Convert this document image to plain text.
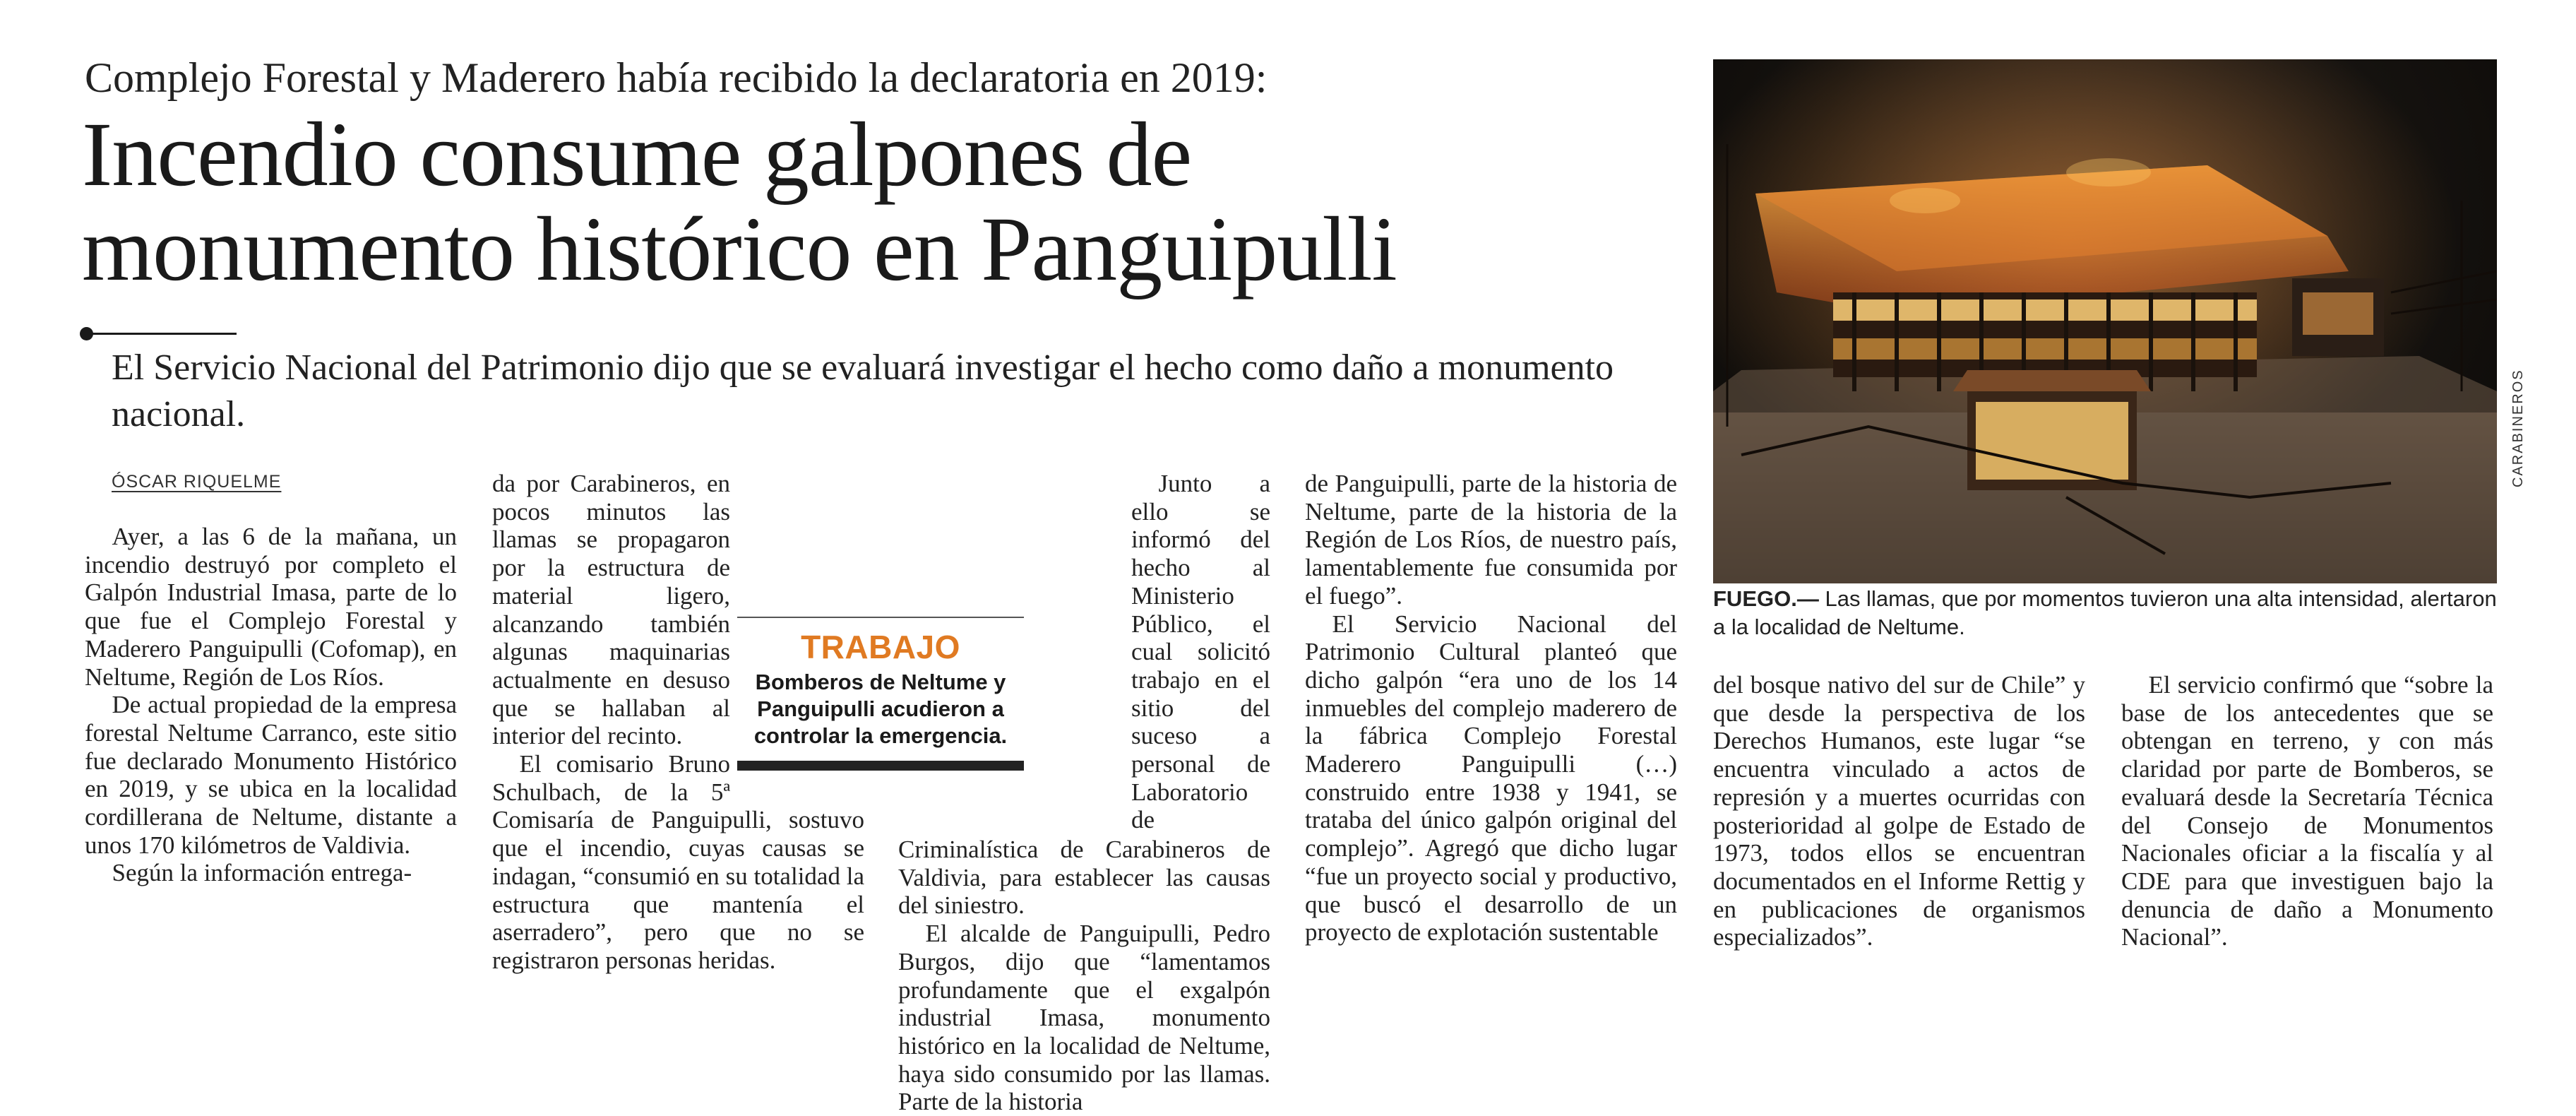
Complejo Forestal y Maderero había recibido la declaratoria en 2019:
Incendio consume galpones de
monumento histórico en Panguipulli
El Servicio Nacional del Patrimonio dijo que se evaluará investigar el hecho como daño a monumento nacional.
ÓSCAR RIQUELME

Ayer, a las 6 de la mañana, un incendio destruyó por completo el Galpón Industrial Imasa, parte de lo que fue el Complejo Forestal y Maderero Panguipulli (Cofomap), en Neltume, Región de Los Ríos.

De actual propiedad de la empresa forestal Neltume Carranco, este sitio fue declarado Monumento Histórico en 2019, y se ubica en la localidad cordillerana de Neltume, distante a unos 170 kilómetros de Valdivia.

Según la información entrega-

da por Carabineros, en pocos minutos las llamas se propagaron por la estructura de material ligero, alcanzando también algunas maquinarias actualmente en desuso que se hallaban al interior del recinto.

El comisario Bruno Schulbach, de la 5ª Comisaría de Panguipulli, sostuvo que el incendio, cuyas causas se indagan, “consumió en su totalidad la estructura que mantenía el aserradero”, pero que no se registraron personas heridas.

Junto a ello se informó del hecho al Ministerio Público, el cual solicitó trabajo en el sitio del suceso a personal de Laboratorio de Criminalística de Carabineros de Valdivia, para establecer las causas del siniestro.

El alcalde de Panguipulli, Pedro Burgos, dijo que “lamentamos profundamente que el exgalpón industrial Imasa, monumento histórico en la localidad de Neltume, haya sido consumido por las llamas. Parte de la historia

de Panguipulli, parte de la historia de Neltume, parte de la historia de la Región de Los Ríos, de nuestro país, lamentablemente fue consumida por el fuego”.

El Servicio Nacional del Patrimonio Cultural planteó que dicho galpón “era uno de los 14 inmuebles del complejo maderero de la fábrica Complejo Forestal Maderero Panguipulli (…) construido entre 1938 y 1941, se trataba del único galpón original del complejo”. Agregó que dicho lugar “fue un proyecto social y productivo, que buscó el desarrollo de un proyecto de explotación sustentable

del bosque nativo del sur de Chile” y que desde la perspectiva de los Derechos Humanos, este lugar “se encuentra vinculado a actos de represión y a muertes ocurridas con posterioridad al golpe de Estado de 1973, todos ellos se encuentran documentados en el Informe Rettig y en publicaciones de organismos especializados”.

El servicio confirmó que “sobre la base de los antecedentes que se obtengan en terreno, y con más claridad por parte de Bomberos, se evaluará desde la Secretaría Técnica del Consejo de Monumentos Nacionales oficiar a la fiscalía y al CDE para que investiguen bajo la denuncia de daño a Monumento Nacional”.

TRABAJO
Bomberos de Neltume y Panguipulli acudieron a controlar la emergencia.
CARABINEROS
FUEGO.— Las llamas, que por momentos tuvieron una alta intensidad, alertaron a la localidad de Neltume.
